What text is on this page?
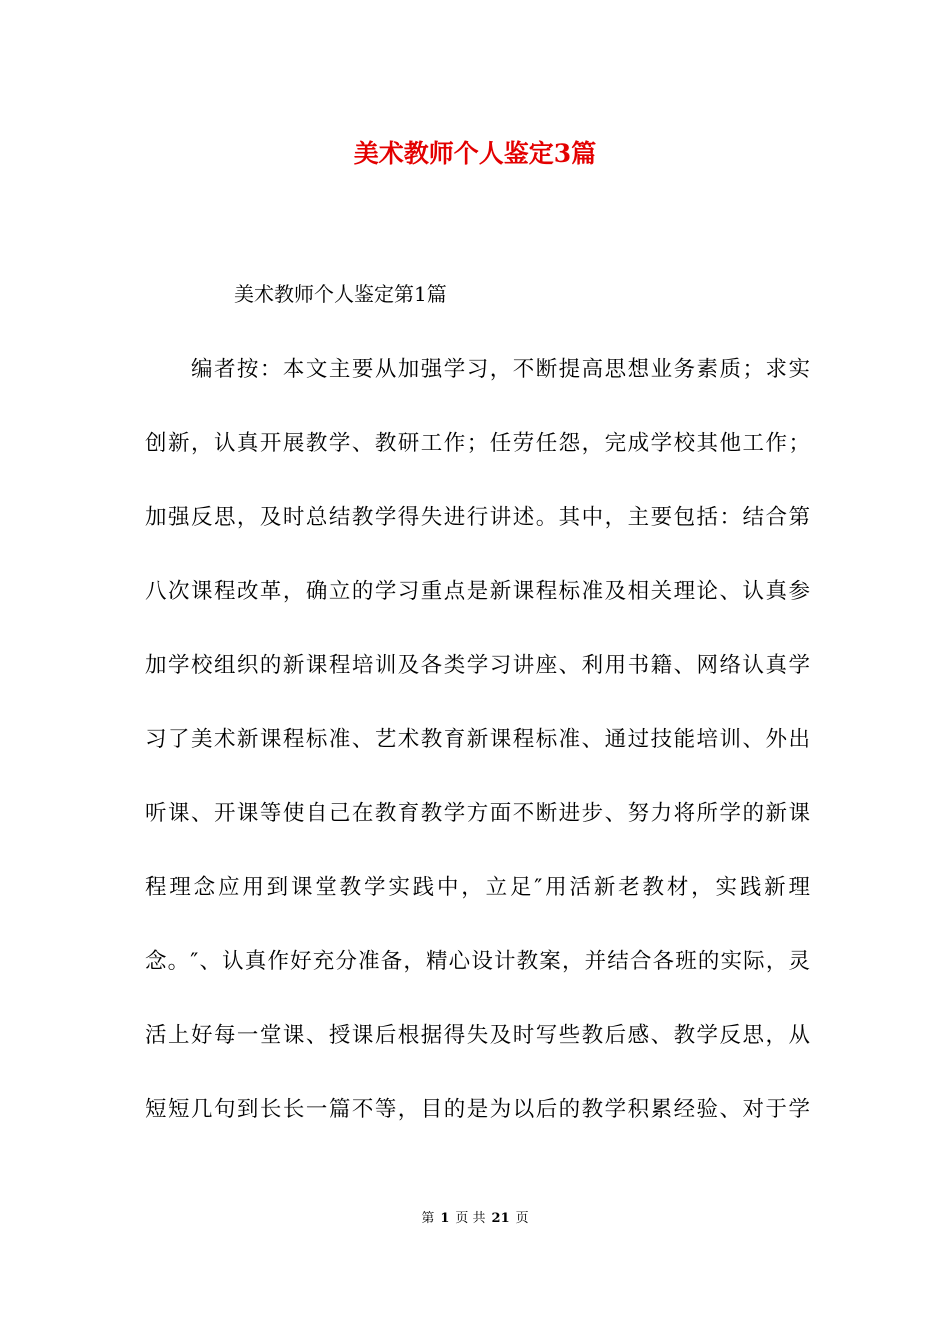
美术教师个人鉴定3篇
美术教师个人鉴定第1篇
　　编者按：本文主要从加强学习，不断提高思想业务素质；求实
创新，认真开展教学、教研工作；任劳任怨，完成学校其他工作；
加强反思，及时总结教学得失进行讲述。其中，主要包括：结合第
八次课程改革，确立的学习重点是新课程标准及相关理论、认真参
加学校组织的新课程培训及各类学习讲座、利用书籍、网络认真学
习了美术新课程标准、艺术教育新课程标准、通过技能培训、外出
听课、开课等使自己在教育教学方面不断进步、努力将所学的新课
程理念应用到课堂教学实践中，立足″用活新老教材，实践新理
念。″、认真作好充分准备，精心设计教案，并结合各班的实际，灵
活上好每一堂课、授课后根据得失及时写些教后感、教学反思，从
短短几句到长长一篇不等，目的是为以后的教学积累经验、对于学
第 1 页 共 21 页
